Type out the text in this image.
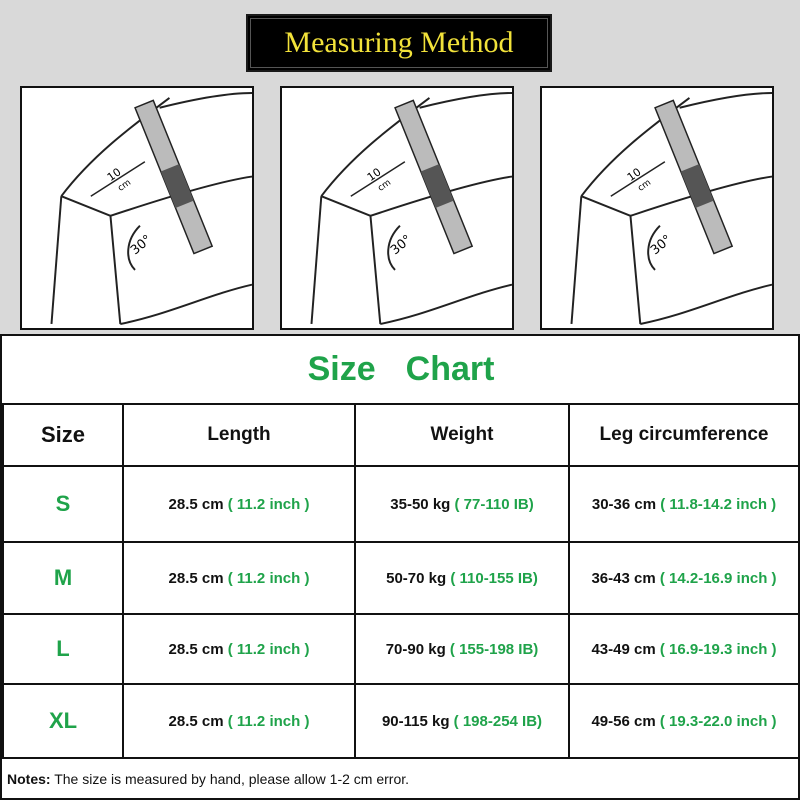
Measuring Method
10
cm
30°
10
cm
30°
10
cm
30°
Size Chart			
Size	Length	Weight	Leg circumference
S	28.5 cm ( 11.2 inch )	35-50 kg ( 77-110 IB)	30-36 cm ( 11.8-14.2 inch )
M	28.5 cm ( 11.2 inch )	50-70 kg ( 110-155 IB)	36-43 cm ( 14.2-16.9 inch )
L	28.5 cm ( 11.2 inch )	70-90 kg ( 155-198 IB)	43-49 cm ( 16.9-19.3 inch )
XL	28.5 cm ( 11.2 inch )	90-115 kg ( 198-254 IB)	49-56 cm ( 19.3-22.0 inch )
Notes: The size is measured by hand, please allow 1-2 cm error.			
